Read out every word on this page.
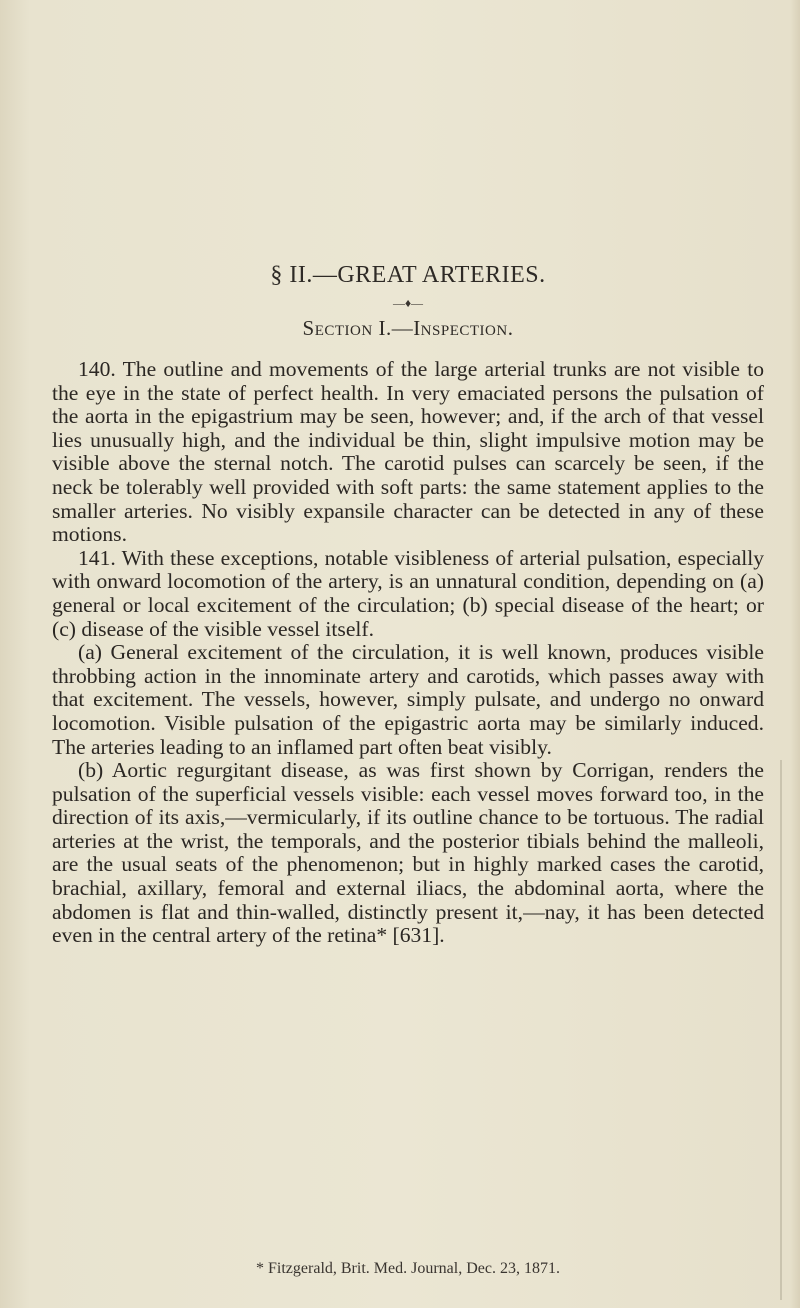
§ II.—GREAT ARTERIES.
—♦—
Section I.—Inspection.

140. The outline and movements of the large arterial trunks are not visible to the eye in the state of perfect health. In very emaciated persons the pulsation of the aorta in the epigastrium may be seen, however; and, if the arch of that vessel lies unusually high, and the individual be thin, slight impulsive motion may be visible above the sternal notch. The carotid pulses can scarcely be seen, if the neck be tolerably well provided with soft parts: the same statement applies to the smaller arteries. No visibly expansile character can be detected in any of these motions.

141. With these exceptions, notable visibleness of arterial pulsation, especially with onward locomotion of the artery, is an unnatural condition, depending on (a) general or local excitement of the circulation; (b) special disease of the heart; or (c) disease of the visible vessel itself.

(a) General excitement of the circulation, it is well known, produces visible throbbing action in the innominate artery and carotids, which passes away with that excitement. The vessels, however, simply pulsate, and undergo no onward locomotion. Visible pulsation of the epigastric aorta may be similarly induced. The arteries leading to an inflamed part often beat visibly.

(b) Aortic regurgitant disease, as was first shown by Corrigan, renders the pulsation of the superficial vessels visible: each vessel moves forward too, in the direction of its axis,—vermicularly, if its outline chance to be tortuous. The radial arteries at the wrist, the temporals, and the posterior tibials behind the malleoli, are the usual seats of the phenomenon; but in highly marked cases the carotid, brachial, axillary, femoral and external iliacs, the abdominal aorta, where the abdomen is flat and thin-walled, distinctly present it,—nay, it has been detected even in the central artery of the retina* [631].

* Fitzgerald, Brit. Med. Journal, Dec. 23, 1871.
